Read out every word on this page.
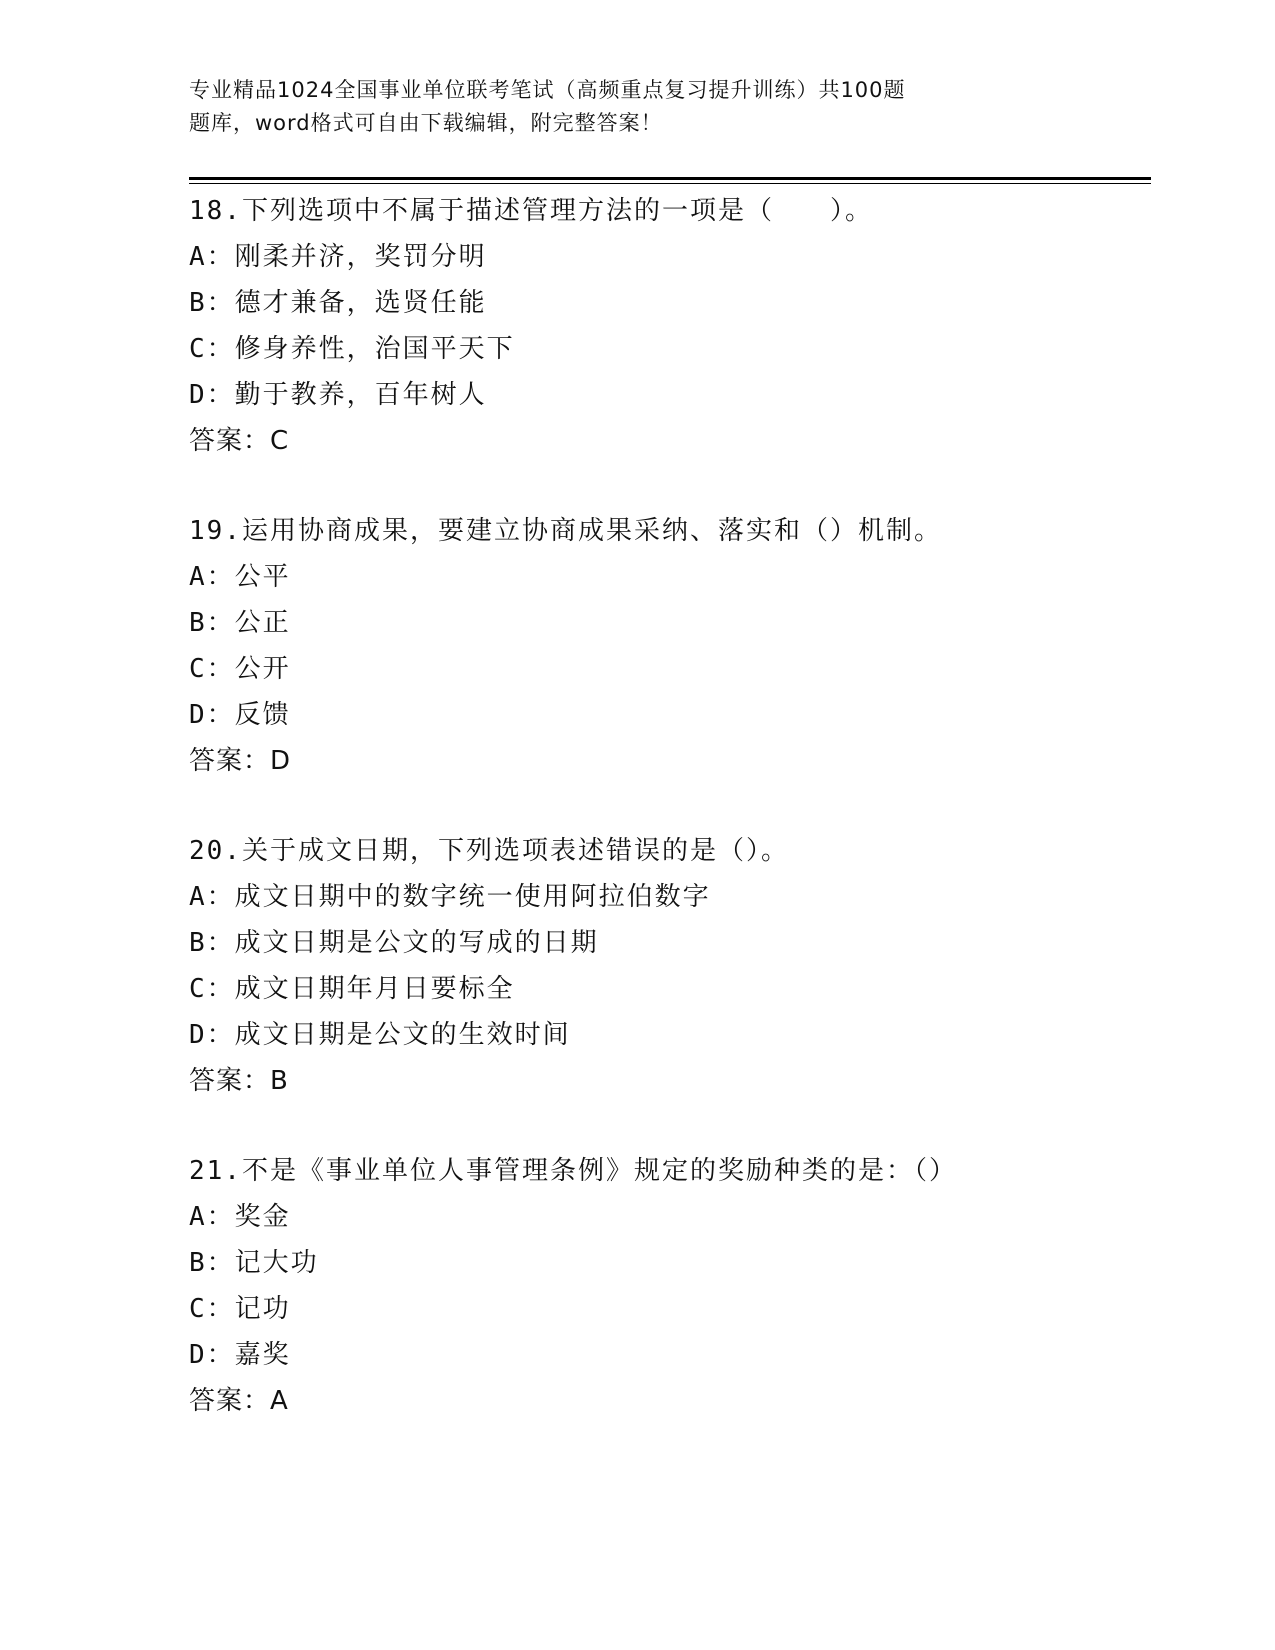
专业精品1024全国事业单位联考笔试（高频重点复习提升训练）共100题
题库，word格式可自由下载编辑，附完整答案！
18.下列选项中不属于描述管理方法的一项是（　　）。
A：刚柔并济，奖罚分明
B：德才兼备，选贤任能
C：修身养性，治国平天下
D：勤于教养，百年树人
答案：C
19.运用协商成果，要建立协商成果采纳、落实和（）机制。
A：公平
B：公正
C：公开
D：反馈
答案：D
20.关于成文日期，下列选项表述错误的是（）。
A：成文日期中的数字统一使用阿拉伯数字
B：成文日期是公文的写成的日期
C：成文日期年月日要标全
D：成文日期是公文的生效时间
答案：B
21.不是《事业单位人事管理条例》规定的奖励种类的是：（）
A：奖金
B：记大功
C：记功
D：嘉奖
答案：A
